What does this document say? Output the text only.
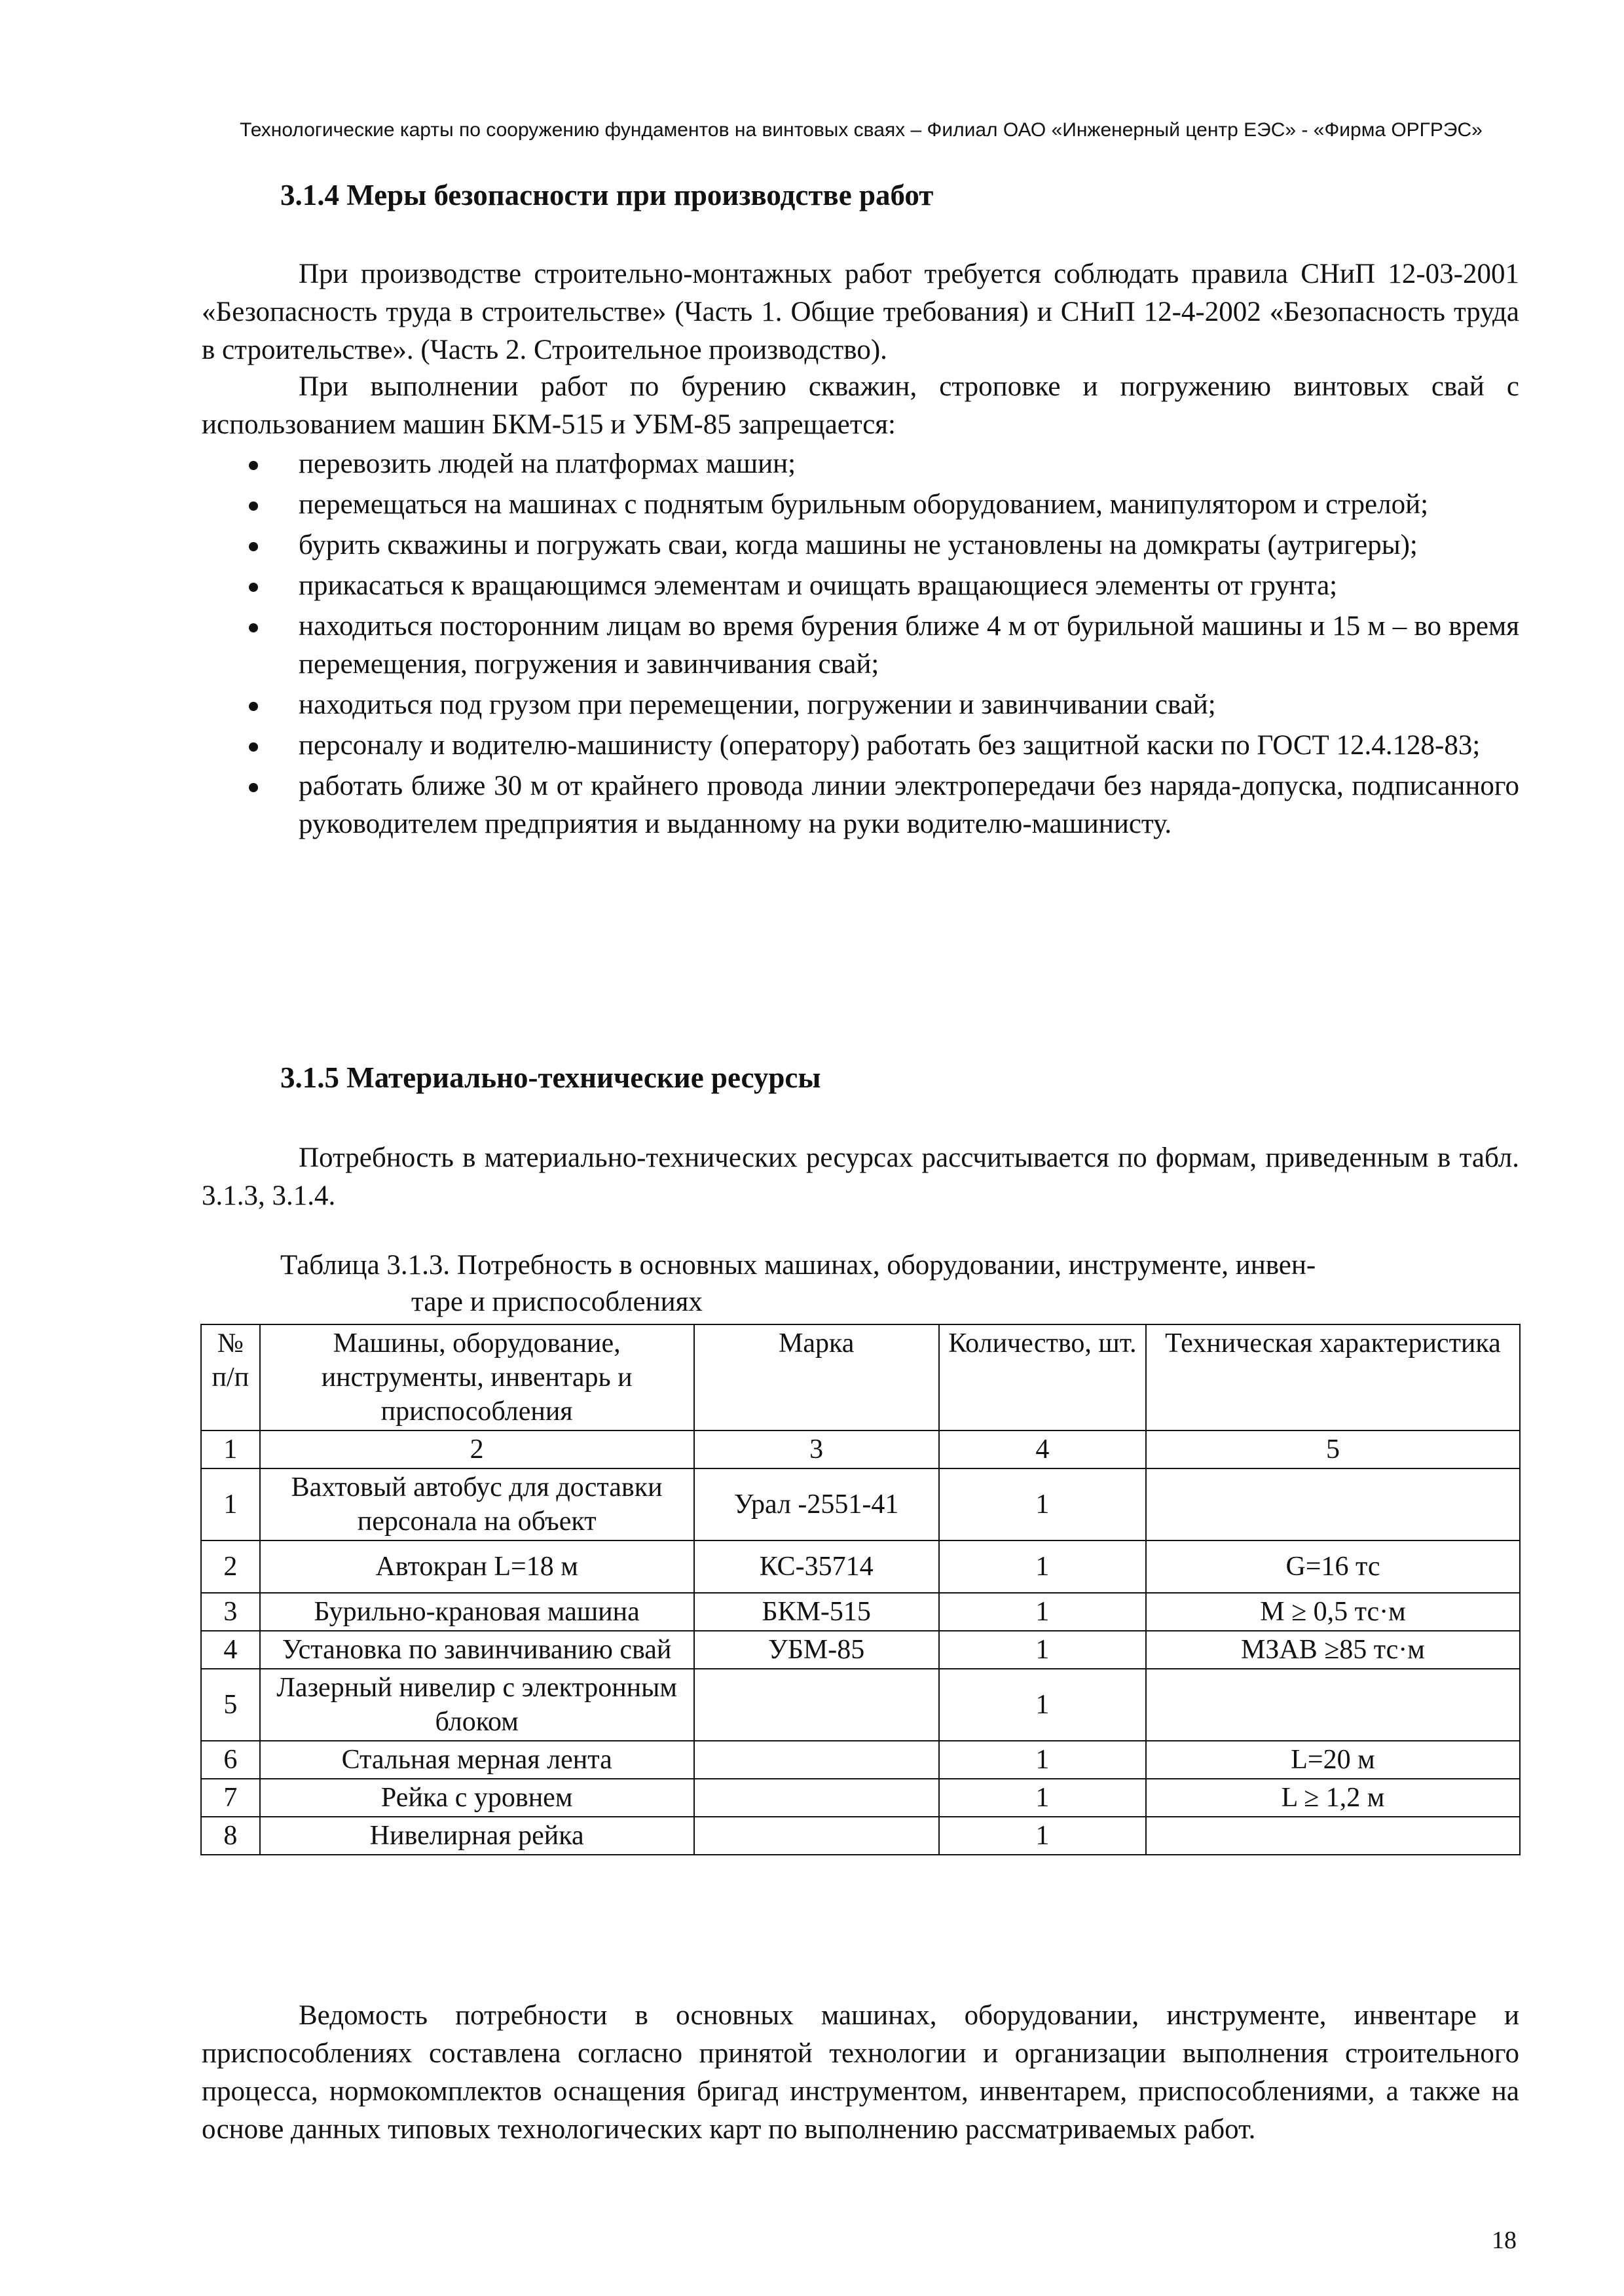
Технологические карты по сооружению фундаментов на винтовых сваях – Филиал ОАО «Инженерный центр ЕЭС» - «Фирма ОРГРЭС»
3.1.4 Меры безопасности при производстве работ

При производстве строительно-монтажных работ требуется соблюдать правила СНиП 12-03-2001 «Безопасность труда в строительстве» (Часть 1. Общие требования) и СНиП 12-4-2002 «Безопасность труда в строительстве». (Часть 2. Строительное производство).

При выполнении работ по бурению скважин, строповке и погружению винтовых свай с использованием машин БКМ-515 и УБМ-85 запрещается:

перевозить людей на платформах машин;
перемещаться на машинах с поднятым бурильным оборудованием, манипулятором и стрелой;
бурить скважины и погружать сваи, когда машины не установлены на домкраты (аутригеры);
прикасаться к вращающимся элементам и очищать вращающиеся элементы от грунта;
находиться посторонним лицам во время бурения ближе 4 м от бурильной машины и 15 м – во время перемещения, погружения и завинчивания свай;
находиться под грузом при перемещении, погружении и завинчивании свай;
персоналу и водителю-машинисту (оператору) работать без защитной каски по ГОСТ 12.4.128-83;
работать ближе 30 м от крайнего провода линии электропередачи без наряда-допуска, подписанного руководителем предприятия и выданному на руки водителю-машинисту.
3.1.5 Материально-технические ресурсы

Потребность в материально-технических ресурсах рассчитывается по формам, приведенным в табл. 3.1.3, 3.1.4.

Таблица 3.1.3. Потребность в основных машинах, оборудовании, инструменте, инвен-
таре и приспособлениях
№ п/п	Машины, оборудование, инструменты, инвентарь и приспособления	Марка	Количество, шт.	Техническая характеристика
1	2	3	4	5
1	Вахтовый автобус для доставки персонала на объект	Урал -2551-41	1	
2	Автокран L=18 м	КС-35714	1	G=16 тс
3	Бурильно-крановая машина	БКМ-515	1	М ≥ 0,5 тс·м
4	Установка по завинчиванию свай	УБМ-85	1	МЗАВ ≥85 тс·м
5	Лазерный нивелир с электронным блоком		1	
6	Стальная мерная лента		1	L=20 м
7	Рейка с уровнем		1	L ≥ 1,2 м
8	Нивелирная рейка		1	

Ведомость потребности в основных машинах, оборудовании, инструменте, инвентаре и приспособлениях составлена согласно принятой технологии и организации выполнения строительного процесса, нормокомплектов оснащения бригад инструментом, инвентарем, приспособлениями, а также на основе данных типовых технологических карт по выполнению рассматриваемых работ.

18
